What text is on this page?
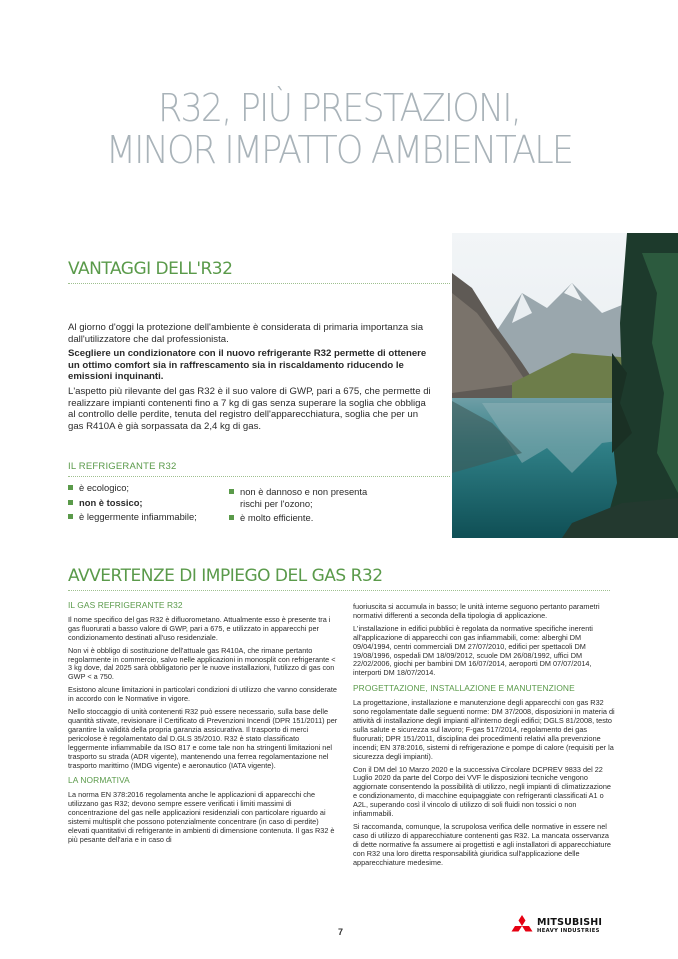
R32, PIÙ PRESTAZIONI,
MINOR IMPATTO AMBIENTALE
VANTAGGI DELL'R32

Al giorno d'oggi la protezione dell'ambiente è considerata di primaria importanza sia dall'utilizzatore che dal professionista.

Scegliere un condizionatore con il nuovo refrigerante R32 permette di ottenere un ottimo comfort sia in raffrescamento sia in riscaldamento riducendo le emissioni inquinanti.

L'aspetto più rilevante del gas R32 è il suo valore di GWP, pari a 675, che permette di realizzare impianti contenenti fino a 7 kg di gas senza superare la soglia che obbliga al controllo delle perdite, tenuta del registro dell'apparecchiatura, soglia che per un gas R410A è già sorpassata da 2,4 kg di gas.

IL REFRIGERANTE R32
è ecologico;
non è tossico;
è leggermente infiammabile;
non è dannoso e non presenta rischi per l'ozono;
è molto efficiente.
AVVERTENZE DI IMPIEGO DEL GAS R32
IL GAS REFRIGERANTE R32

Il nome specifico del gas R32 è difluorometano. Attualmente esso è presente tra i gas fluorurati a basso valore di GWP, pari a 675, e utilizzato in apparecchi per condizionamento destinati all'uso residenziale.

Non vi è obbligo di sostituzione dell'attuale gas R410A, che rimane pertanto regolarmente in commercio, salvo nelle applicazioni in monosplit con refrigerante < 3 kg dove, dal 2025 sarà obbligatorio per le nuove installazioni, l'utilizzo di gas con GWP < a 750.

Esistono alcune limitazioni in particolari condizioni di utilizzo che vanno considerate in accordo con le Normative in vigore.

Nello stoccaggio di unità contenenti R32 può essere necessario, sulla base delle quantità stivate, revisionare il Certificato di Prevenzioni Incendi (DPR 151/2011) per garantire la validità della propria garanzia assicurativa. Il trasporto di merci pericolose è regolamentato dal D.GLS 35/2010. R32 è stato classificato leggermente infiammabile da ISO 817 e come tale non ha stringenti limitazioni nel trasporto su strada (ADR vigente), mantenendo una ferrea regolamentazione nel trasporto marittimo (IMDG vigente) e aeronautico (IATA vigente).

LA NORMATIVA

La norma EN 378:2016 regolamenta anche le applicazioni di apparecchi che utilizzano gas R32; devono sempre essere verificati i limiti massimi di concentrazione del gas nelle applicazioni residenziali con particolare riguardo ai sistemi multisplit che possono potenzialmente concentrare (in caso di perdite) elevati quantitativi di refrigerante in ambienti di dimensione contenuta. Il gas R32 è più pesante dell'aria e in caso di

fuoriuscita si accumula in basso; le unità interne seguono pertanto parametri normativi differenti a seconda della tipologia di applicazione.

L'installazione in edifici pubblici è regolata da normative specifiche inerenti all'applicazione di apparecchi con gas infiammabili, come: alberghi DM 09/04/1994, centri commerciali DM 27/07/2010, edifici per spettacoli DM 19/08/1996, ospedali DM 18/09/2012, scuole DM 26/08/1992, uffici DM 22/02/2006, giochi per bambini DM 16/07/2014, aeroporti DM 07/07/2014, interporti DM 18/07/2014.

PROGETTAZIONE, INSTALLAZIONE E MANUTENZIONE

La progettazione, installazione e manutenzione degli apparecchi con gas R32 sono regolamentate dalle seguenti norme: DM 37/2008, disposizioni in materia di attività di installazione degli impianti all'interno degli edifici; DGLS 81/2008, testo sulla salute e sicurezza sul lavoro; F-gas 517/2014, regolamento dei gas fluorurati; DPR 151/2011, disciplina dei procedimenti relativi alla prevenzione incendi; EN 378:2016, sistemi di refrigerazione e pompe di calore (requisiti per la sicurezza degli impianti).

Con il DM del 10 Marzo 2020 e la successiva Circolare DCPREV 9833 del 22 Luglio 2020 da parte del Corpo dei VVF le disposizioni tecniche vengono aggiornate consentendo la possibilità di utilizzo, negli impianti di climatizzazione e condizionamento, di macchine equipaggiate con refrigeranti classificati A1 o A2L, superando così il vincolo di utilizzo di soli fluidi non tossici o non infiammabili.

Si raccomanda, comunque, la scrupolosa verifica delle normative in essere nel caso di utilizzo di apparecchiature contenenti gas R32. La mancata osservanza di dette normative fa assumere ai progettisti e agli installatori di apparecchiature con R32 una loro diretta responsabilità giuridica sull'applicazione delle apparecchiature medesime.

7
MITSUBISHI
HEAVY INDUSTRIES
